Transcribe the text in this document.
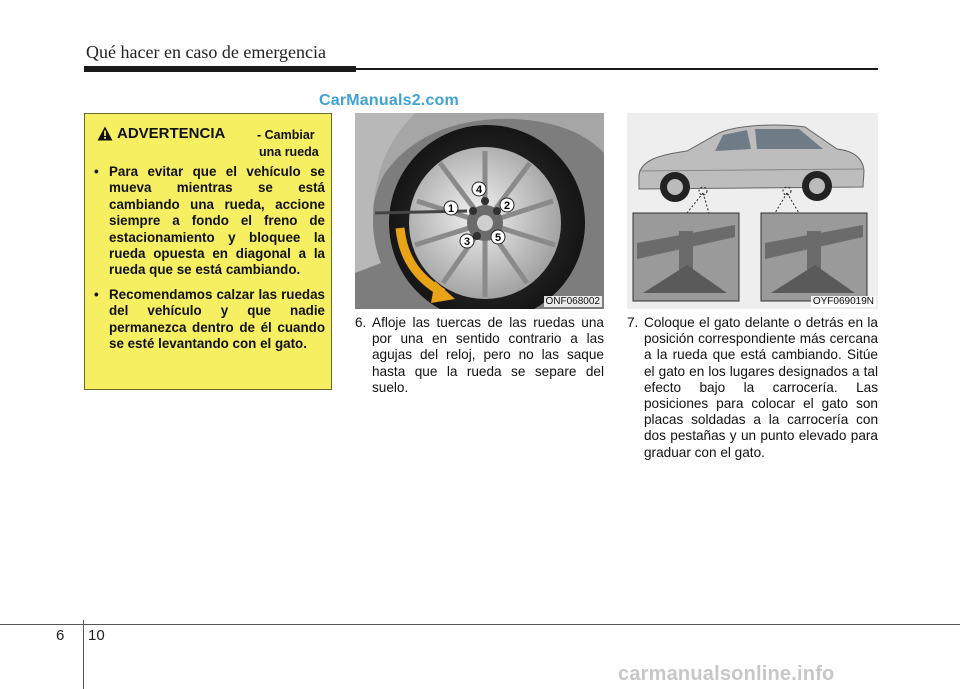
Qué hacer en caso de emergencia
CarManuals2.com
ADVERTENCIA	- Cambiar
una rueda
• Para evitar que el vehículo se mueva mientras se está cambiando una rueda, accione siempre a fondo el freno de estacionamiento y bloquee la rueda opuesta en diagonal a la rueda que se está cambiando.
• Recomendamos calzar las ruedas del vehículo y que nadie permanezca dentro de él cuando se esté levantando con el gato.
1	2
3
4
5
ONF068002	OYF069019N
6. Afloje las tuercas de las ruedas una por una en sentido contrario a las agujas del reloj, pero no las saque hasta que la rueda se separe del suelo.
7. Coloque el gato delante o detrás en la posición correspondiente más cercana a la rueda que está cambiando. Sitúe el gato en los lugares designados a tal efecto bajo la carrocería. Las posiciones para colocar el gato son placas soldadas a la carrocería con dos pestañas y un punto elevado para graduar con el gato.
6 10
carmanualsonline.info
